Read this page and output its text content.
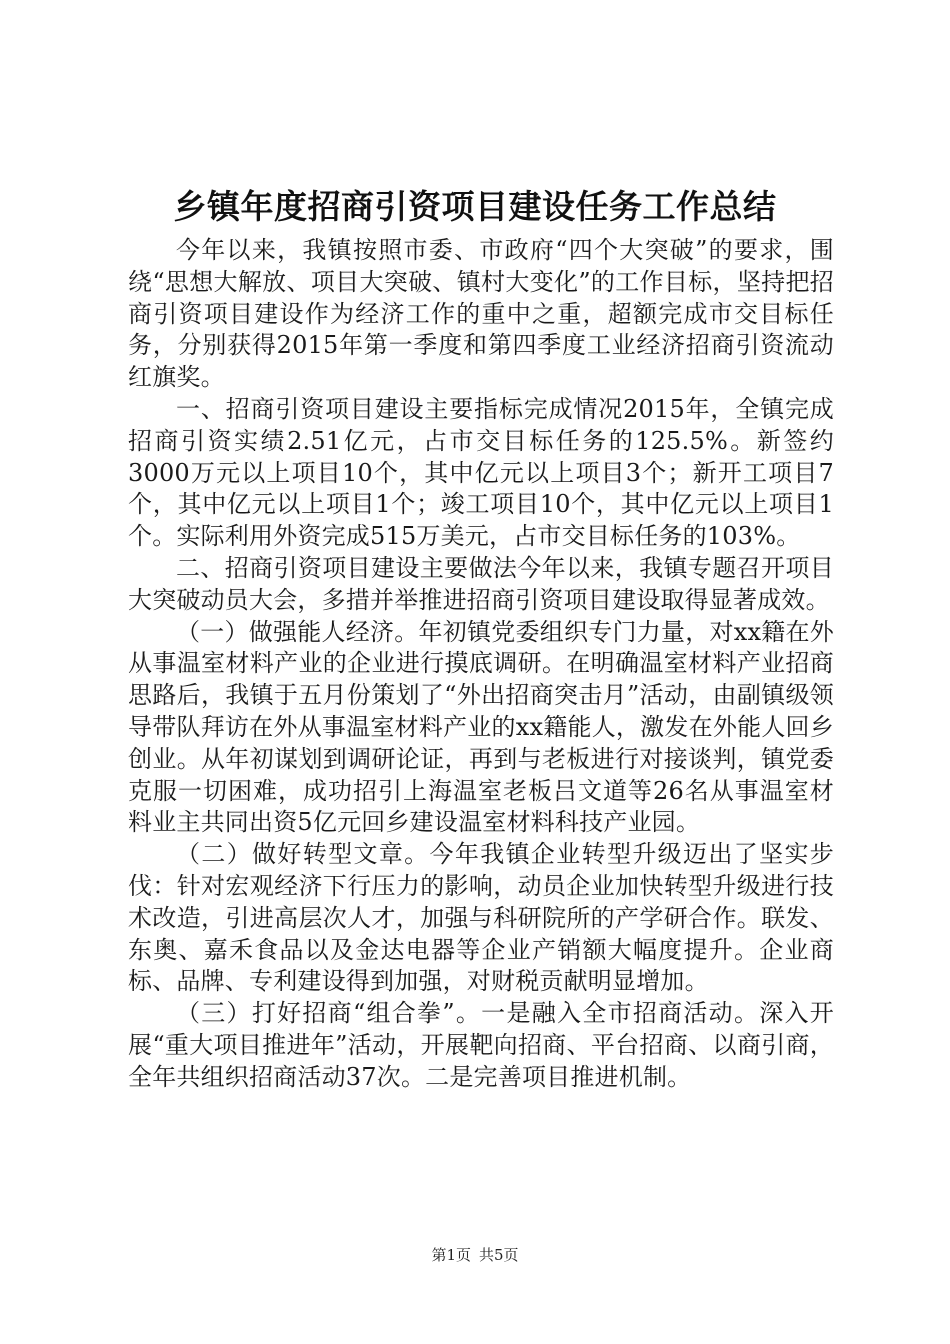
乡镇年度招商引资项目建设任务工作总结

今年以来，我镇按照市委、市政府“四个大突破”的要求，围绕“思想大解放、项目大突破、镇村大变化”的工作目标，坚持把招商引资项目建设作为经济工作的重中之重，超额完成市交目标任务，分别获得2015年第一季度和第四季度工业经济招商引资流动红旗奖。

一、招商引资项目建设主要指标完成情况2015年，全镇完成招商引资实绩2.51亿元，占市交目标任务的125.5%。新签约3000万元以上项目10个，其中亿元以上项目3个；新开工项目7个，其中亿元以上项目1个；竣工项目10个，其中亿元以上项目1个。实际利用外资完成515万美元，占市交目标任务的103%。

二、招商引资项目建设主要做法今年以来，我镇专题召开项目大突破动员大会，多措并举推进招商引资项目建设取得显著成效。

（一）做强能人经济。年初镇党委组织专门力量，对xx籍在外从事温室材料产业的企业进行摸底调研。在明确温室材料产业招商思路后，我镇于五月份策划了“外出招商突击月”活动，由副镇级领导带队拜访在外从事温室材料产业的xx籍能人，激发在外能人回乡创业。从年初谋划到调研论证，再到与老板进行对接谈判，镇党委克服一切困难，成功招引上海温室老板吕文道等26名从事温室材料业主共同出资5亿元回乡建设温室材料科技产业园。

（二）做好转型文章。今年我镇企业转型升级迈出了坚实步伐：针对宏观经济下行压力的影响，动员企业加快转型升级进行技术改造，引进高层次人才，加强与科研院所的产学研合作。联发、东奥、嘉禾食品以及金达电器等企业产销额大幅度提升。企业商标、品牌、专利建设得到加强，对财税贡献明显增加。

（三）打好招商“组合拳”。一是融入全市招商活动。深入开展“重大项目推进年”活动，开展靶向招商、平台招商、以商引商，全年共组织招商活动37次。二是完善项目推进机制。

第1页 共5页
